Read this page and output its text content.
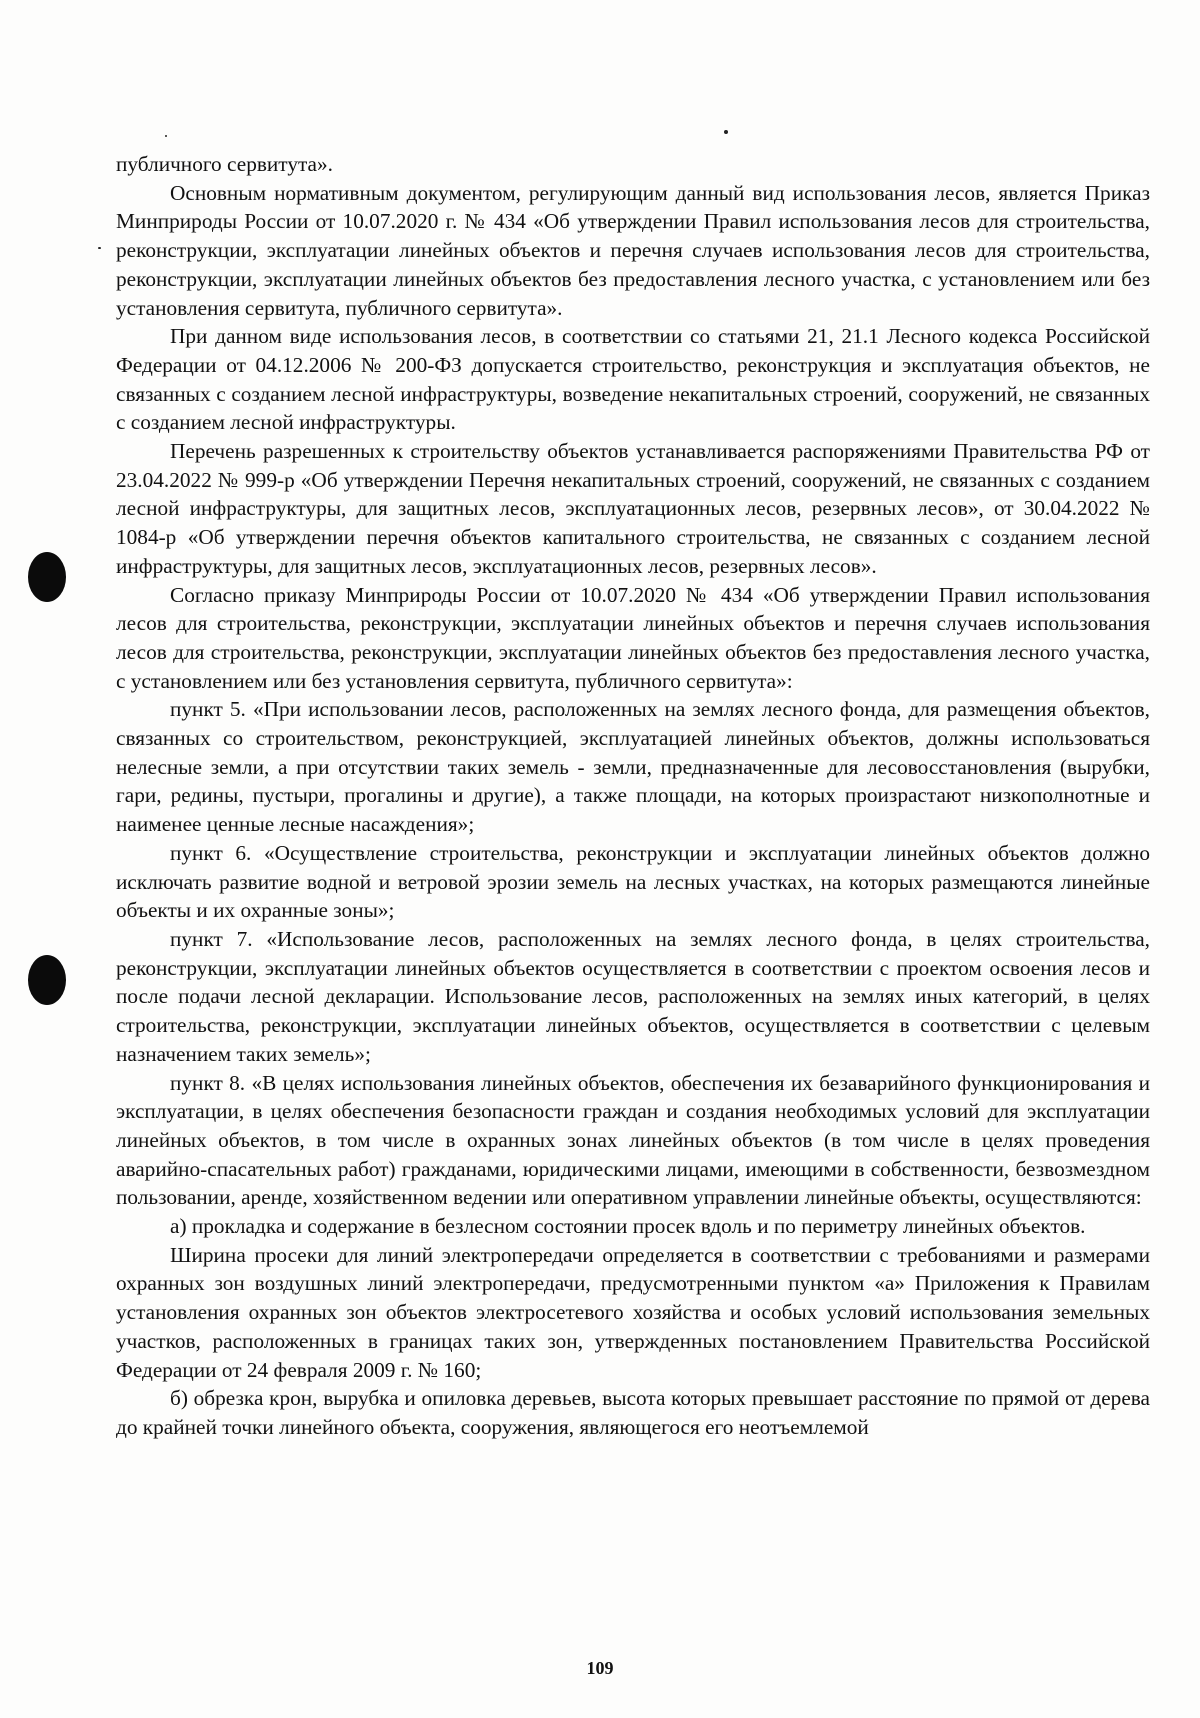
публичного сервитута».

Основным нормативным документом, регулирующим данный вид использования лесов, является Приказ Минприроды России от 10.07.2020 г. № 434 «Об утверждении Правил использования лесов для строительства, реконструкции, эксплуатации линейных объектов и перечня случаев использования лесов для строительства, реконструкции, эксплуатации линейных объектов без предоставления лесного участка, с установлением или без установления сервитута, публичного сервитута».

При данном виде использования лесов, в соответствии со статьями 21, 21.1 Лесного кодекса Российской Федерации от 04.12.2006 № 200-ФЗ допускается строительство, реконструкция и эксплуатация объектов, не связанных с созданием лесной инфраструктуры, возведение некапитальных строений, сооружений, не связанных с созданием лесной инфраструктуры.

Перечень разрешенных к строительству объектов устанавливается распоряжениями Правительства РФ от 23.04.2022 № 999-р «Об утверждении Перечня некапитальных строений, сооружений, не связанных с созданием лесной инфраструктуры, для защитных лесов, эксплуатационных лесов, резервных лесов», от 30.04.2022 № 1084-р «Об утверждении перечня объектов капитального строительства, не связанных с созданием лесной инфраструктуры, для защитных лесов, эксплуатационных лесов, резервных лесов».

Согласно приказу Минприроды России от 10.07.2020 № 434 «Об утверждении Правил использования лесов для строительства, реконструкции, эксплуатации линейных объектов и перечня случаев использования лесов для строительства, реконструкции, эксплуатации линейных объектов без предоставления лесного участка, с установлением или без установления сервитута, публичного сервитута»:

пункт 5. «При использовании лесов, расположенных на землях лесного фонда, для размещения объектов, связанных со строительством, реконструкцией, эксплуатацией линейных объектов, должны использоваться нелесные земли, а при отсутствии таких земель - земли, предназначенные для лесовосстановления (вырубки, гари, редины, пустыри, прогалины и другие), а также площади, на которых произрастают низкополнотные и наименее ценные лесные насаждения»;

пункт 6. «Осуществление строительства, реконструкции и эксплуатации линейных объектов должно исключать развитие водной и ветровой эрозии земель на лесных участках, на которых размещаются линейные объекты и их охранные зоны»;

пункт 7. «Использование лесов, расположенных на землях лесного фонда, в целях строительства, реконструкции, эксплуатации линейных объектов осуществляется в соответствии с проектом освоения лесов и после подачи лесной декларации. Использование лесов, расположенных на землях иных категорий, в целях строительства, реконструкции, эксплуатации линейных объектов, осуществляется в соответствии с целевым назначением таких земель»;

пункт 8. «В целях использования линейных объектов, обеспечения их безаварийного функционирования и эксплуатации, в целях обеспечения безопасности граждан и создания необходимых условий для эксплуатации линейных объектов, в том числе в охранных зонах линейных объектов (в том числе в целях проведения аварийно-спасательных работ) гражданами, юридическими лицами, имеющими в собственности, безвозмездном пользовании, аренде, хозяйственном ведении или оперативном управлении линейные объекты, осуществляются:

а) прокладка и содержание в безлесном состоянии просек вдоль и по периметру линейных объектов.

Ширина просеки для линий электропередачи определяется в соответствии с требованиями и размерами охранных зон воздушных линий электропередачи, предусмотренными пунктом «а» Приложения к Правилам установления охранных зон объектов электросетевого хозяйства и особых условий использования земельных участков, расположенных в границах таких зон, утвержденных постановлением Правительства Российской Федерации от 24 февраля 2009 г. № 160;

б) обрезка крон, вырубка и опиловка деревьев, высота которых превышает расстояние по прямой от дерева до крайней точки линейного объекта, сооружения, являющегося его неотъемлемой

109
